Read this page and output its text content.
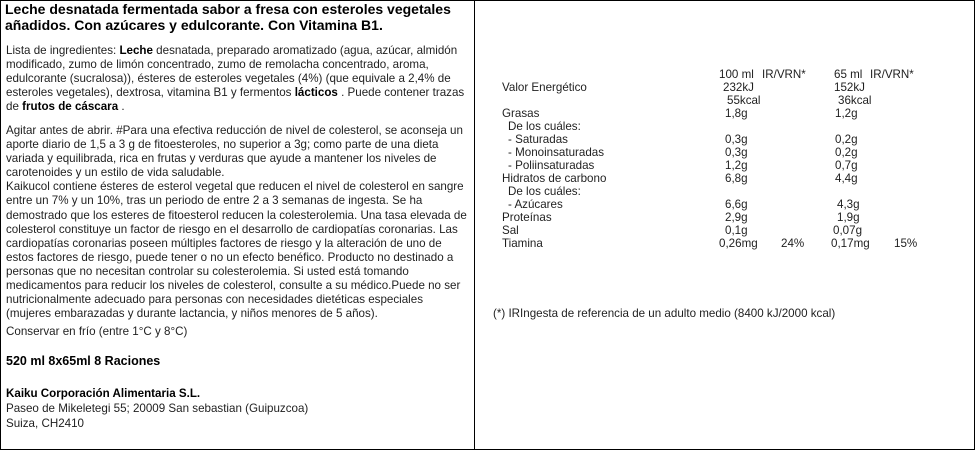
Leche desnatada fermentada sabor a fresa con esteroles vegetales añadidos. Con azúcares y edulcorante. Con Vitamina B1.
Lista de ingredientes: Leche desnatada, preparado aromatizado (agua, azúcar, almidón modificado, zumo de limón concentrado, zumo de remolacha concentrado, aroma, edulcorante (sucralosa)), ésteres de esteroles vegetales (4%) (que equivale a 2,4% de esteroles vegetales), dextrosa, vitamina B1 y fermentos lácticos . Puede contener trazas de frutos de cáscara .
Agitar antes de abrir. #Para una efectiva reducción de nivel de colesterol, se aconseja un aporte diario de 1,5 a 3 g de fitoesteroles, no superior a 3g; como parte de una dieta variada y equilibrada, rica en frutas y verduras que ayude a mantener los niveles de carotenoides y un estilo de vida saludable.
Kaikucol contiene ésteres de esterol vegetal que reducen el nivel de colesterol en sangre entre un 7% y un 10%, tras un periodo de entre 2 a 3 semanas de ingesta. Se ha demostrado que los esteres de fitoesterol reducen la colesterolemia. Una tasa elevada de colesterol constituye un factor de riesgo en el desarrollo de cardiopatías coronarias. Las cardiopatías coronarias poseen múltiples factores de riesgo y la alteración de uno de estos factores de riesgo, puede tener o no un efecto benéfico. Producto no destinado a personas que no necesitan controlar su colesterolemia. Si usted está tomando medicamentos para reducir los niveles de colesterol, consulte a su médico.Puede no ser nutricionalmente adecuado para personas con necesidades dietéticas especiales (mujeres embarazadas y durante lactancia, y niños menores de 5 años).
Conservar en frío (entre 1°C y 8°C)
520 ml 8x65ml 8 Raciones
Kaiku Corporación Alimentaria S.L.
Paseo de Mikeletegi 55; 20009 San sebastian (Guipuzcoa)
Suiza, CH2410
100 ml IR/VRN* 65 ml IR/VRN*
Valor Energético	232kJ	152kJ
55kcal	36kcal
Grasas	1,8g	1,2g
De los cuáles:
- Saturadas	0,3g	0,2g
- Monoinsaturadas	0,3g	0,2g
- Poliinsaturadas	1,2g	0,7g
Hidratos de carbono	6,8g	4,4g
De los cuáles:
- Azúcares	6,6g	4,3g
Proteínas	2,9g	1,9g
Sal	0,1g	0,07g
Tiamina	0,26mg 24% 0,17mg 15%
(*) IRIngesta de referencia de un adulto medio (8400 kJ/2000 kcal)
